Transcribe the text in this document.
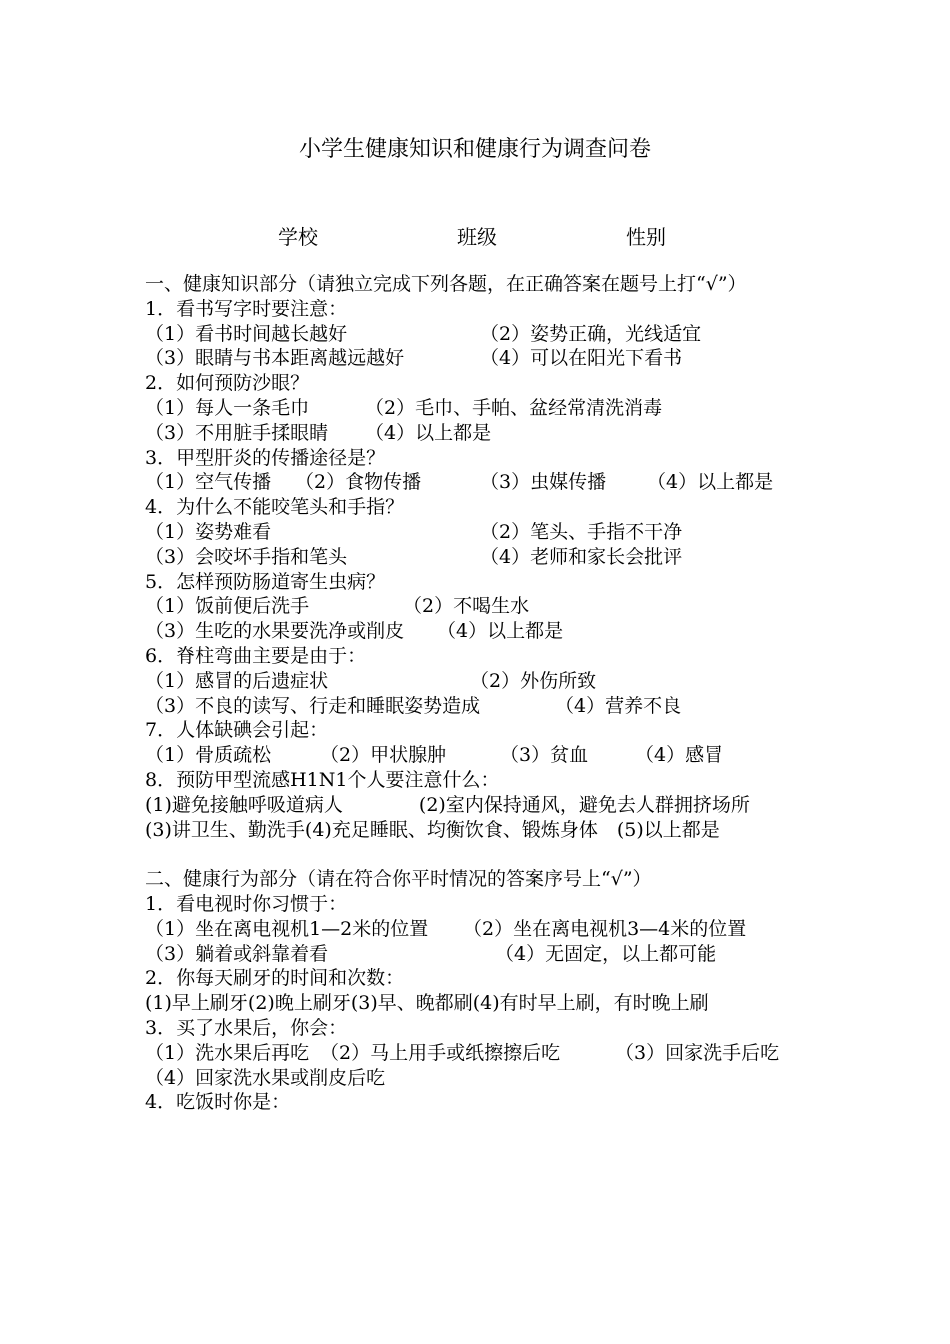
小学生健康知识和健康行为调查问卷
学校	班级	性别
一、健康知识部分（请独立完成下列各题，在正确答案在题号上打“√”）
1．看书写字时要注意：
（1）看书时间越长越好	（2）姿势正确，光线适宜
（3）眼睛与书本距离越远越好	（4）可以在阳光下看书
2．如何预防沙眼？
（1）每人一条毛巾	（2）毛巾、手帕、盆经常清洗消毒
（3）不用脏手揉眼睛 （4）以上都是
3．甲型肝炎的传播途径是？
（1）空气传播 （2）食物传播	（3）虫媒传播 （4）以上都是
4．为什么不能咬笔头和手指？
（1）姿势难看	（2）笔头、手指不干净
（3）会咬坏手指和笔头	（4）老师和家长会批评
5．怎样预防肠道寄生虫病？
（1）饭前便后洗手	（2）不喝生水
（3）生吃的水果要洗净或削皮 （4）以上都是
6．脊柱弯曲主要是由于：
（1）感冒的后遗症状	（2）外伤所致
（3）不良的读写、行走和睡眠姿势造成	（4）营养不良
7．人体缺碘会引起：
（1）骨质疏松	（2）甲状腺肿	（3）贫血 （4）感冒
8．预防甲型流感H1N1个人要注意什么：
(1)避免接触呼吸道病人　　　　(2)室内保持通风，避免去人群拥挤场所
(3)讲卫生、勤洗手(4)充足睡眠、均衡饮食、锻炼身体　(5)以上都是
二、健康行为部分（请在符合你平时情况的答案序号上“√”）
1．看电视时你习惯于：
（1）坐在离电视机1—2米的位置 （2）坐在离电视机3—4米的位置
（3）躺着或斜靠着看	（4）无固定，以上都可能
2．你每天刷牙的时间和次数：
(1)早上刷牙(2)晚上刷牙(3)早、晚都刷(4)有时早上刷，有时晚上刷
3．买了水果后，你会：
（1）洗水果后再吃 （2）马上用手或纸擦擦后吃	（3）回家洗手后吃
（4）回家洗水果或削皮后吃
4．吃饭时你是：
